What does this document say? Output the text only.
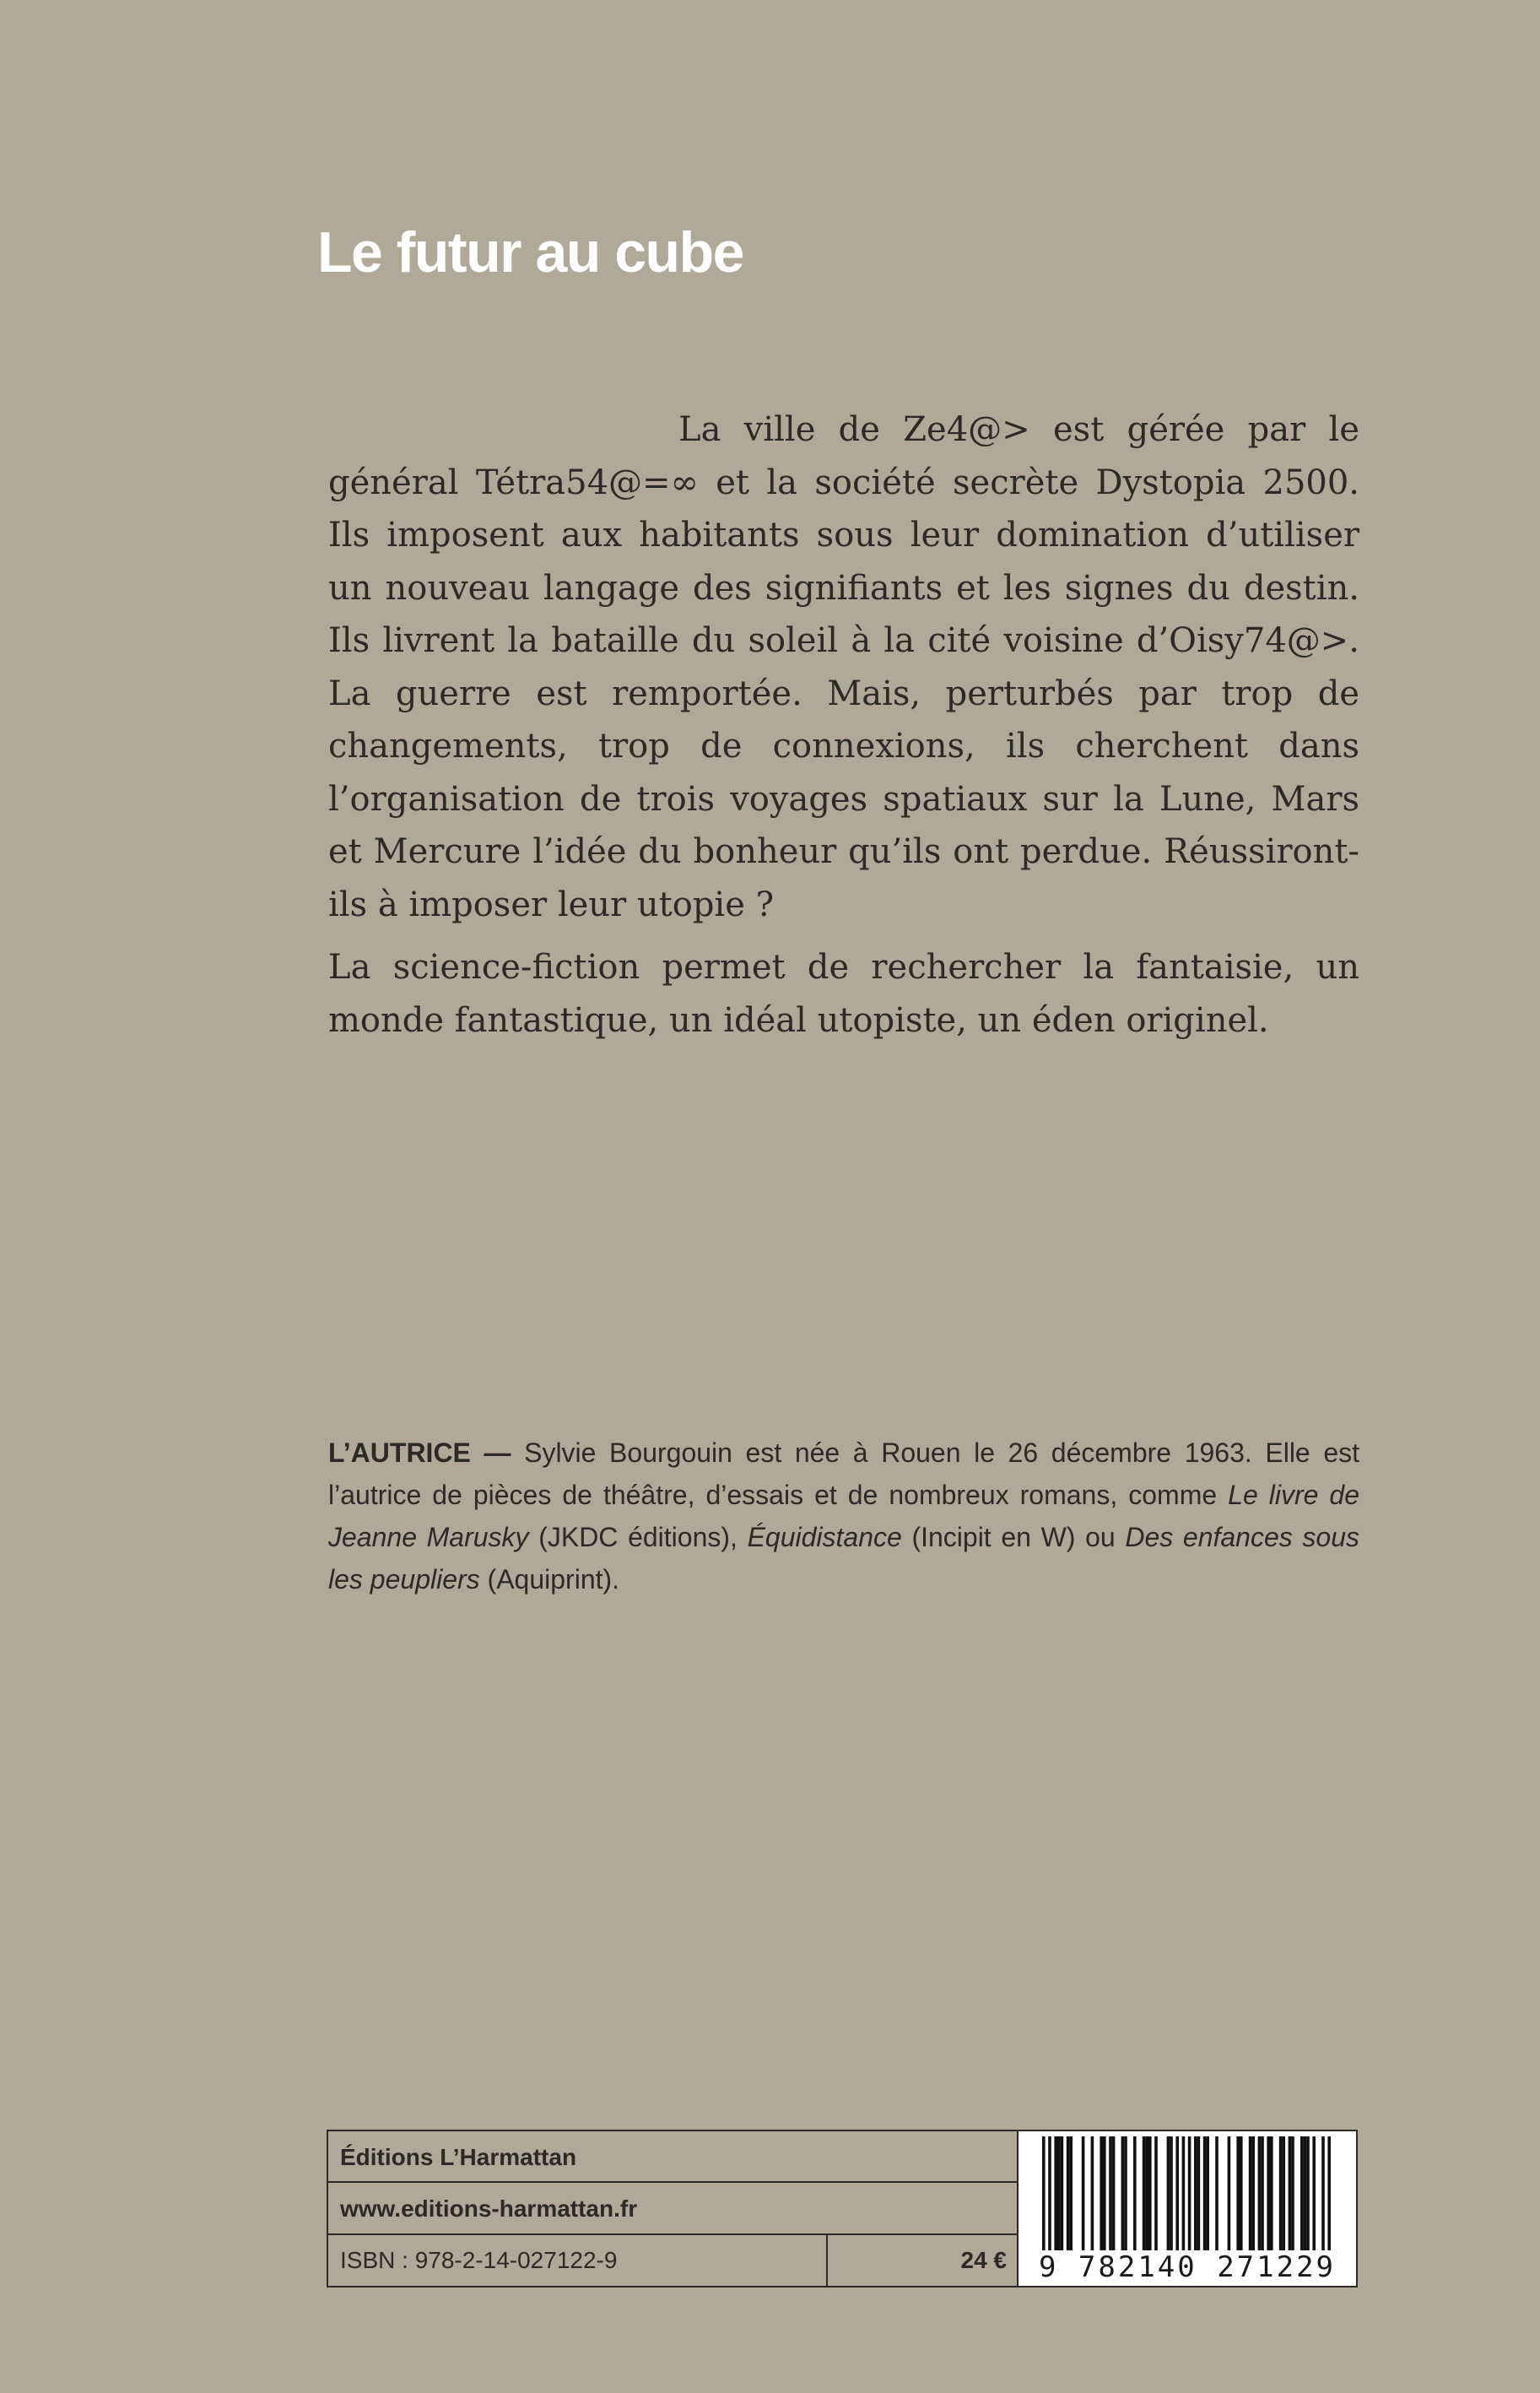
Le futur au cube

La ville de Ze4@> est gérée par le général Tétra54@=∞ et la société secrète Dystopia 2500. Ils imposent aux habitants sous leur domination d’utiliser un nouveau langage des signifiants et les signes du destin. Ils livrent la bataille du soleil à la cité voisine d’Oisy74@>. La guerre est remportée. Mais, perturbés par trop de changements, trop de connexions, ils cherchent dans l’organisation de trois voyages spatiaux sur la Lune, Mars et Mercure l’idée du bonheur qu’ils ont perdue. Réussiront-ils à imposer leur utopie ?

La science-fiction permet de rechercher la fantaisie, un monde fantastique, un idéal utopiste, un éden originel.

L’AUTRICE — Sylvie Bourgouin est née à Rouen le 26 décembre 1963. Elle est l’autrice de pièces de théâtre, d’essais et de nombreux romans, comme Le livre de Jeanne Marusky (JKDC éditions), Équidistance (Incipit en W) ou Des enfances sous les peupliers (Aquiprint).

Éditions L’Harmattan
www.editions-harmattan.fr
ISBN : 978-2-14-027122-9	24 €	9 782140 271229
